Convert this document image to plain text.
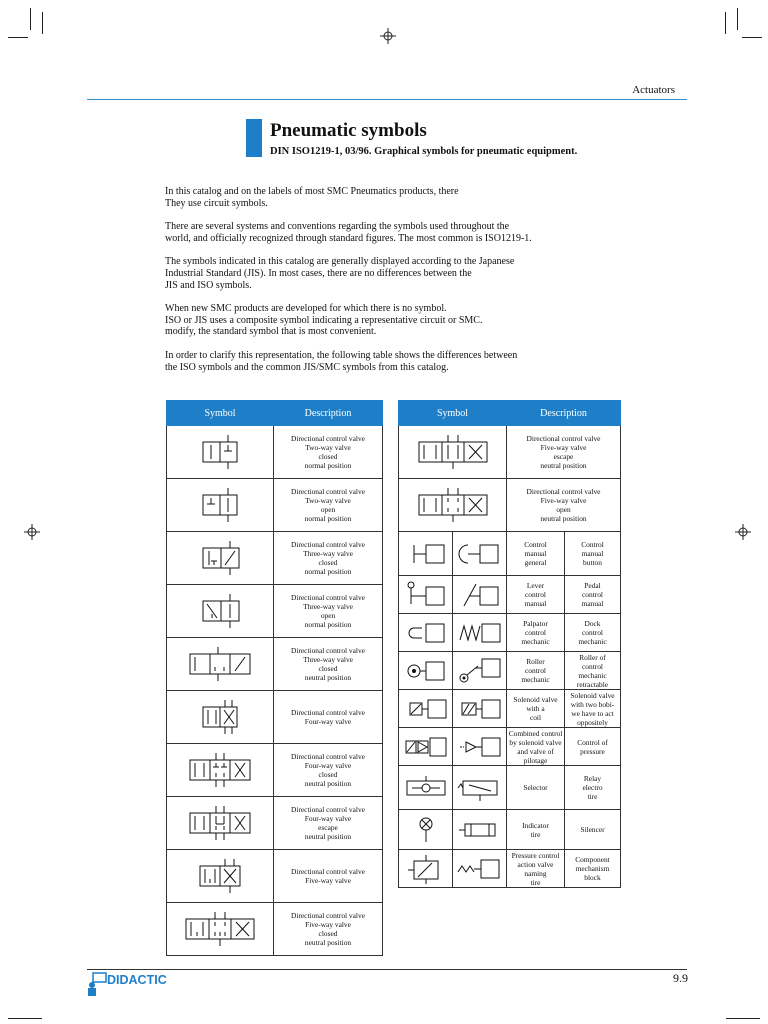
Actuators
Pneumatic symbols
DIN ISO1219-1, 03/96. Graphical symbols for pneumatic equipment.

In this catalog and on the labels of most SMC Pneumatics products, there
They use circuit symbols.

There are several systems and conventions regarding the symbols used throughout the
world, and officially recognized through standard figures. The most common is ISO1219-1.

The symbols indicated in this catalog are generally displayed according to the Japanese
Industrial Standard (JIS). In most cases, there are no differences between the
JIS and ISO symbols.

When new SMC products are developed for which there is no symbol.
ISO or JIS uses a composite symbol indicating a representative circuit or SMC.
modify, the standard symbol that is most convenient.

In order to clarify this representation, the following table shows the differences between
the ISO symbols and the common JIS/SMC symbols from this catalog.

Symbol	Description

	Directional control valve
Two-way valve
closed
normal position

	Directional control valve
Two-way valve
open
normal position

	Directional control valve
Three-way valve
closed
normal position

	Directional control valve
Three-way valve
open
normal position

	Directional control valve
Three-way valve
closed
neutral position

	Directional control valve
Four-way valve

	Directional control valve
Four-way valve
closed
neutral position

	Directional control valve
Four-way valve
escape
neutral position

	Directional control valve
Five-way valve

	Directional control valve
Five-way valve
closed
neutral position
Symbol		Description	

	Directional control valve
Five-way valve
escape
neutral position	

	Directional control valve
Five-way valve
open
neutral position	

	Control
manual
general	Control
manual
button

	Lever
control
manual	Pedal
control
manual

	Palpator
control
mechanic	Dock
control
mechanic

	Roller
control
mechanic	Roller of
control
mechanic
retractable

	Solenoid valve
with a
coil	Solenoid valve
with two bobi-
we have to act
oppositely

	Combined control
by solenoid valve
and valve of
pilotage	Control of
pressure

	Selector	Relay
electro
tire

	Indicator
tire	Silencer

	Pressure control
action valve
naming
tire	Component
mechanism
block
DIDACTIC	9.9
